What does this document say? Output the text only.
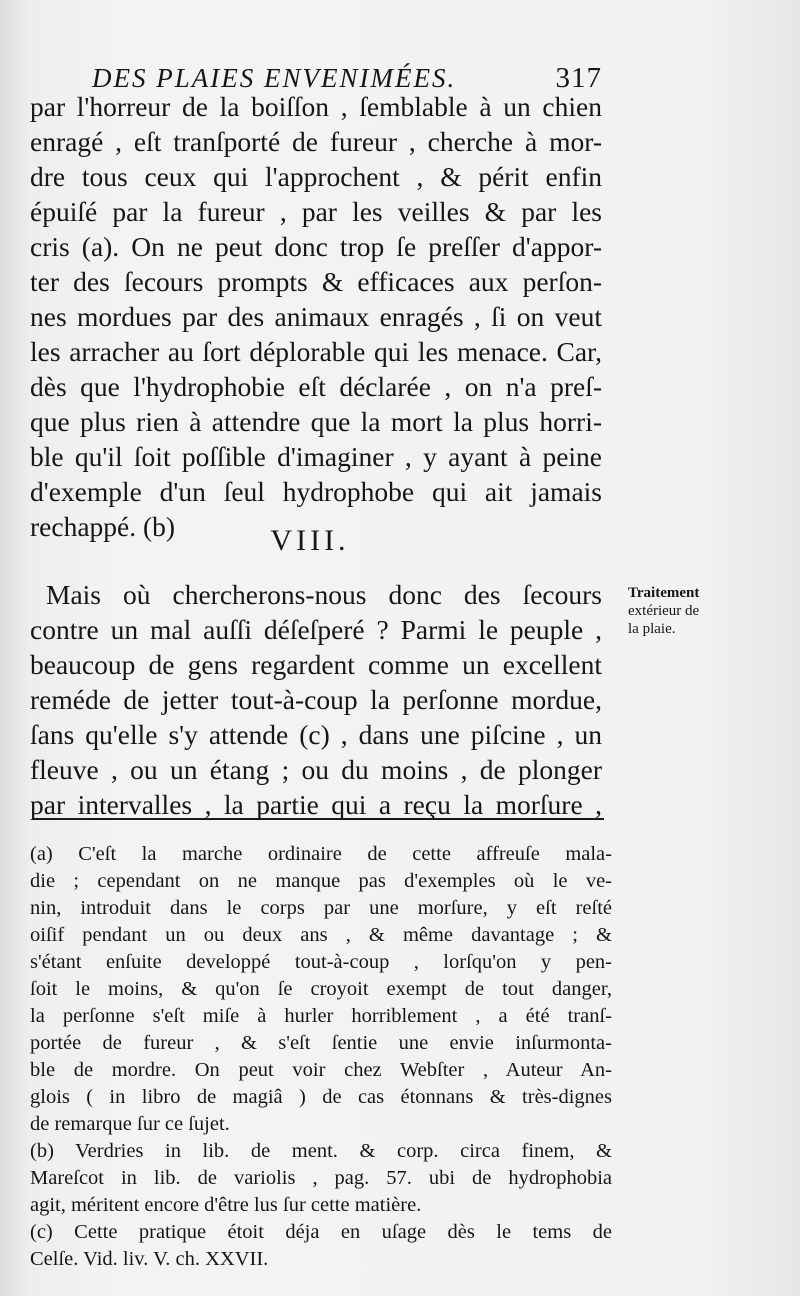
DES PLAIES ENVENIMÉES.	317
par l'horreur de la boiſſon , ſemblable à un chien
enragé , eſt tranſporté de fureur , cherche à mor-
dre tous ceux qui l'approchent , & périt enfin
épuiſé par la fureur , par les veilles & par les
cris (a). On ne peut donc trop ſe preſſer d'appor-
ter des ſecours prompts & efficaces aux perſon-
nes mordues par des animaux enragés , ſi on veut
les arracher au ſort déplorable qui les menace. Car,
dès que l'hydrophobie eſt déclarée , on n'a preſ-
que plus rien à attendre que la mort la plus horri-
ble qu'il ſoit poſſible d'imaginer , y ayant à peine
d'exemple d'un ſeul hydrophobe qui ait jamais
rechappé. (b)	VIII.
Mais où chercherons-nous donc des ſecours
contre un mal auſſi déſeſperé ? Parmi le peuple ,
beaucoup de gens regardent comme un excellent
reméde de jetter tout-à-coup la perſonne mordue,
ſans qu'elle s'y attende (c) , dans une piſcine , un
fleuve , ou un étang ; ou du moins , de plonger
par intervalles , la partie qui a reçu la morſure ,
Traitement
extérieur de
la plaie.
(a) C'eſt la marche ordinaire de cette affreuſe mala-
die ; cependant on ne manque pas d'exemples où le ve-
nin, introduit dans le corps par une morſure, y eſt reſté
oiſif pendant un ou deux ans , & même davantage ; &
s'étant enſuite developpé tout-à-coup , lorſqu'on y pen-
ſoit le moins, & qu'on ſe croyoit exempt de tout danger,
la perſonne s'eſt miſe à hurler horriblement , a été tranſ-
portée de fureur , & s'eſt ſentie une envie inſurmonta-
ble de mordre. On peut voir chez Webſter , Auteur An-
glois ( in libro de magiâ ) de cas étonnans & très-dignes
de remarque ſur ce ſujet.
(b) Verdries in lib. de ment. & corp. circa finem, &
Mareſcot in lib. de variolis , pag. 57. ubi de hydrophobia
agit, méritent encore d'être lus ſur cette matière.
(c) Cette pratique étoit déja en uſage dès le tems de
Celſe. Vid. liv. V. ch. XXVII.
